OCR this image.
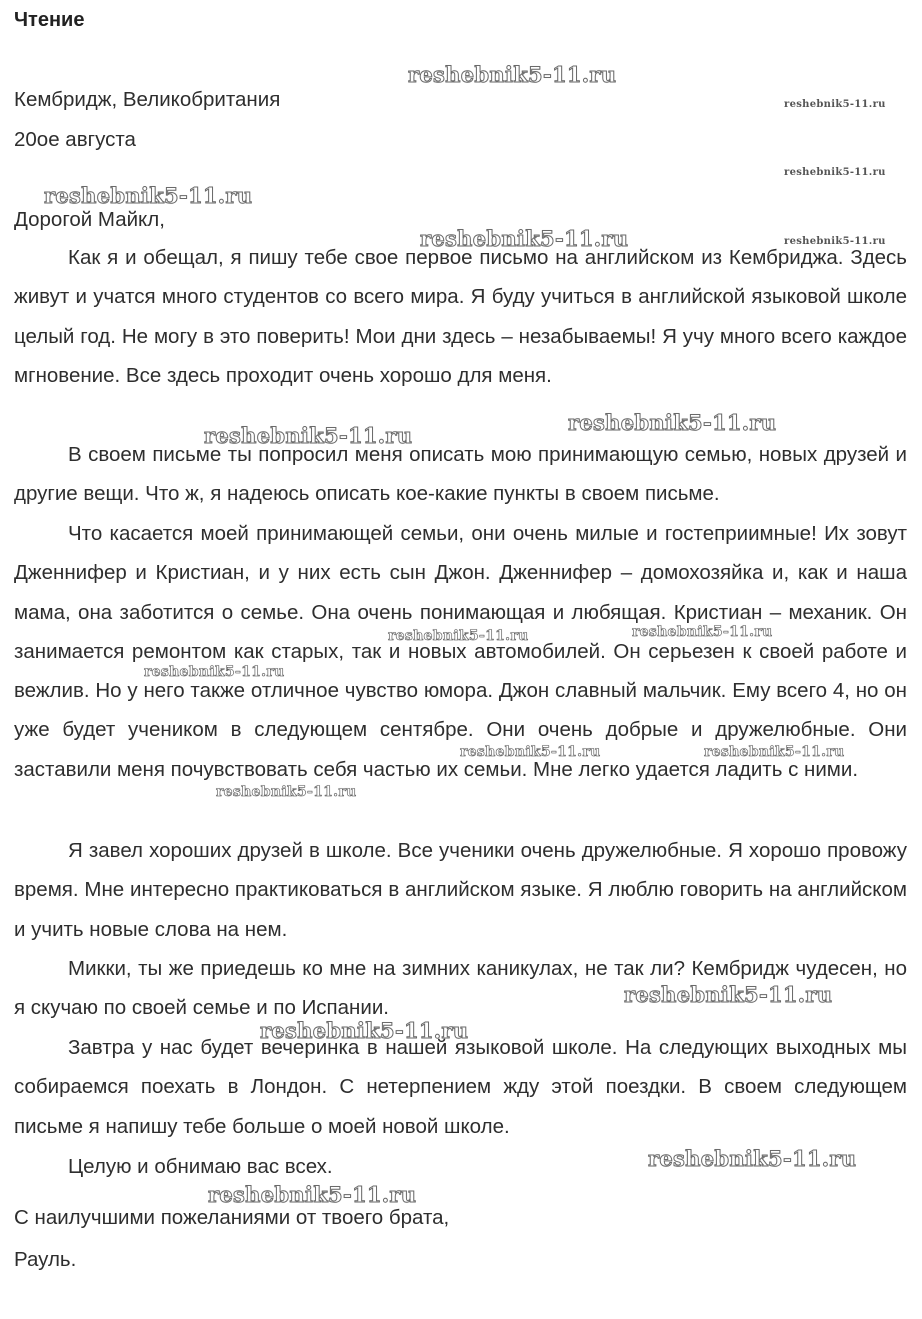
Чтение
Кембридж, Великобритания
20ое августа
Дорогой Майкл,
Как я и обещал, я пишу тебе свое первое письмо на английском из Кембриджа. Здесь живут и учатся много студентов со всего мира. Я буду учиться в английской языковой школе целый год. Не могу в это поверить! Мои дни здесь – незабываемы! Я учу много всего каждое мгновение. Все здесь проходит очень хорошо для меня.
В своем письме ты попросил меня описать мою принимающую семью, новых друзей и другие вещи. Что ж, я надеюсь описать кое-какие пункты в своем письме.
Что касается моей принимающей семьи, они очень милые и гостеприимные! Их зовут Дженнифер и Кристиан, и у них есть сын Джон. Дженнифер – домохозяйка и, как и наша мама, она заботится о семье. Она очень понимающая и любящая. Кристиан – механик. Он занимается ремонтом как старых, так и новых автомобилей. Он серьезен к своей работе и вежлив. Но у него также отличное чувство юмора. Джон славный мальчик. Ему всего 4, но он уже будет учеником в следующем сентябре. Они очень добрые и дружелюбные. Они заставили меня почувствовать себя частью их семьи. Мне легко удается ладить с ними.
Я завел хороших друзей в школе. Все ученики очень дружелюбные. Я хорошо провожу время. Мне интересно практиковаться в английском языке. Я люблю говорить на английском и учить новые слова на нем.
Микки, ты же приедешь ко мне на зимних каникулах, не так ли? Кембридж чудесен, но я скучаю по своей семье и по Испании.
Завтра у нас будет вечеринка в нашей языковой школе. На следующих выходных мы собираемся поехать в Лондон. С нетерпением жду этой поездки. В своем следующем письме я напишу тебе больше о моей новой школе.
Целую и обнимаю вас всех.
С наилучшими пожеланиями от твоего брата,
Рауль.
reshebnik5-11.ru
reshebnik5-11.ru
reshebnik5-11.ru
reshebnik5-11.ru
reshebnik5-11.ru	reshebnik5-11.ru
reshebnik5-11.ru
reshebnik5-11.ru
reshebnik5-11.ru	reshebnik5-11.ru
reshebnik5-11.ru
reshebnik5-11.ru	reshebnik5-11.ru
reshebnik5-11.ru
reshebnik5-11.ru
reshebnik5-11.ru
reshebnik5-11.ru
reshebnik5-11.ru
